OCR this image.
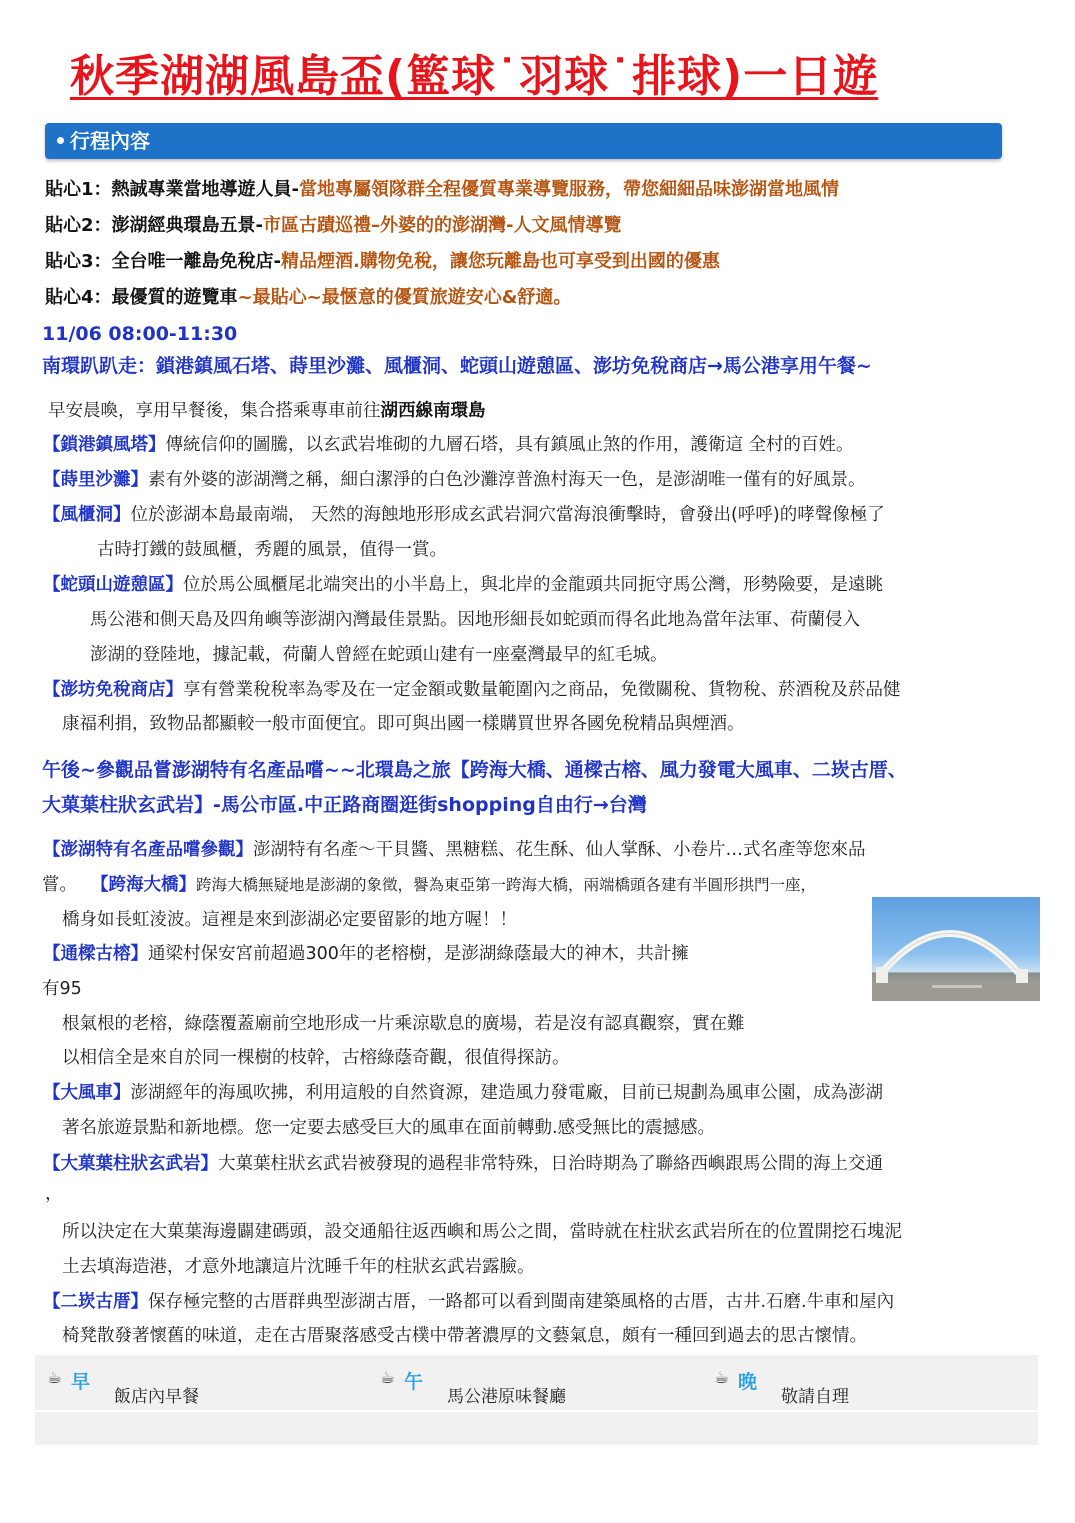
秋季湖湖風島盃(籃球˙羽球˙排球)一日遊
行程內容
貼心1：熱誠專業當地導遊人員-當地專屬領隊群全程優質專業導覽服務，帶您細細品味澎湖當地風情
貼心2：澎湖經典環島五景-市區古蹟巡禮–外婆的的澎湖灣-人文風情導覽
貼心3：全台唯一離島免稅店-精品煙酒.購物免稅，讓您玩離島也可享受到出國的優惠
貼心4：最優質的遊覽車~最貼心~最愜意的優質旅遊安心&舒適。
11/06 08:00-11:30
南環趴趴走：鎖港鎮風石塔、蒔里沙灘、風櫃洞、蛇頭山遊憩區、澎坊免稅商店→馬公港享用午餐~
早安晨喚，享用早餐後，集合搭乘專車前往湖西線南環島
【鎖港鎮風塔】傳統信仰的圖騰，以玄武岩堆砌的九層石塔，具有鎮風止煞的作用，護衛這 全村的百姓。
【蒔里沙灘】素有外婆的澎湖灣之稱，細白潔淨的白色沙灘淳普漁村海天一色，是澎湖唯一僅有的好風景。
【風櫃洞】位於澎湖本島最南端， 天然的海蝕地形形成玄武岩洞穴當海浪衝擊時，會發出(呼呼)的哮聲像極了
古時打鐵的鼓風櫃，秀麗的風景，值得一賞。
【蛇頭山遊憩區】位於馬公風櫃尾北端突出的小半島上，與北岸的金龍頭共同扼守馬公灣，形勢險要，是遠眺
馬公港和側天島及四角嶼等澎湖內灣最佳景點。因地形細長如蛇頭而得名此地為當年法軍、荷蘭侵入
澎湖的登陸地，據記載，荷蘭人曾經在蛇頭山建有一座臺灣最早的紅毛城。
【澎坊免稅商店】享有營業稅稅率為零及在一定金額或數量範圍內之商品，免徵關稅、貨物稅、菸酒稅及菸品健
康福利捐，致物品都顯較一般市面便宜。即可與出國一樣購買世界各國免稅精品與煙酒。
午後~參觀品嘗澎湖特有名產品嚐~~北環島之旅【跨海大橋、通樑古榕、風力發電大風車、二崁古厝、
大菓葉柱狀玄武岩】-馬公市區.中正路商圈逛街shopping自由行→台灣
【澎湖特有名產品嚐參觀】澎湖特有名產～干貝醬、黑糖糕、花生酥、仙人掌酥、小卷片…式名產等您來品
嘗。 【跨海大橋】跨海大橋無疑地是澎湖的象徵，譽為東亞第一跨海大橋，兩端橋頭各建有半圓形拱門一座，
橋身如長虹淩波。這裡是來到澎湖必定要留影的地方喔！！
【通樑古榕】通梁村保安宮前超過300年的老榕樹，是澎湖綠蔭最大的神木，共計擁
有95
根氣根的老榕，綠蔭覆蓋廟前空地形成一片乘涼歇息的廣場，若是沒有認真觀察，實在難
以相信全是來自於同一棵樹的枝幹，古榕綠蔭奇觀，很值得探訪。
【大風車】澎湖經年的海風吹拂，利用這般的自然資源，建造風力發電廠，目前已規劃為風車公園，成為澎湖
著名旅遊景點和新地標。您一定要去感受巨大的風車在面前轉動.感受無比的震撼感。
【大菓葉柱狀玄武岩】大菓葉柱狀玄武岩被發現的過程非常特殊，日治時期為了聯絡西嶼跟馬公間的海上交通
，
所以決定在大菓葉海邊闢建碼頭，設交通船往返西嶼和馬公之間，當時就在柱狀玄武岩所在的位置開挖石塊泥
土去填海造港，才意外地讓這片沈睡千年的柱狀玄武岩露臉。
【二崁古厝】保存極完整的古厝群典型澎湖古厝，一路都可以看到閩南建築風格的古厝，古井.石磨.牛車和屋內
椅凳散發著懷舊的味道，走在古厝聚落感受古樸中帶著濃厚的文藝氣息，頗有一種回到過去的思古懷情。
☕ 早
飯店內早餐
☕ 午
馬公港原味餐廳
☕ 晚
敬請自理
